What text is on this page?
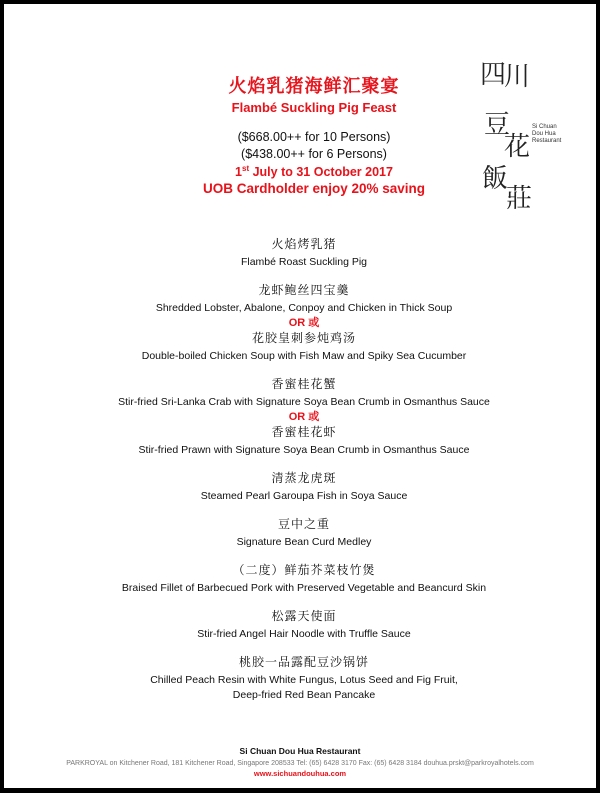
火焰乳猪海鲜汇聚宴

Flambé Suckling Pig Feast

($668.00++ for 10 Persons)

($438.00++ for 6 Persons)

1st July to 31 October 2017

UOB Cardholder enjoy 20% saving

四
川
豆
花
飯
莊
Si Chuan
Dou Hua
Restaurant

火焰烤乳猪

Flambé Roast Suckling Pig

龙虾鲍丝四宝羹

Shredded Lobster, Abalone, Conpoy and Chicken in Thick Soup

OR 或

花胶皇刺参炖鸡汤

Double-boiled Chicken Soup with Fish Maw and Spiky Sea Cucumber

香蜜桂花蟹

Stir-fried Sri-Lanka Crab with Signature Soya Bean Crumb in Osmanthus Sauce

OR 或

香蜜桂花虾

Stir-fried Prawn with Signature Soya Bean Crumb in Osmanthus Sauce

清蒸龙虎斑

Steamed Pearl Garoupa Fish in Soya Sauce

豆中之重

Signature Bean Curd Medley

（二度）鲜茄芥菜枝竹煲

Braised Fillet of Barbecued Pork with Preserved Vegetable and Beancurd Skin

松露天使面

Stir-fried Angel Hair Noodle with Truffle Sauce

桃胶一品露配豆沙锅饼

Chilled Peach Resin with White Fungus, Lotus Seed and Fig Fruit,

Deep-fried Red Bean Pancake

Si Chuan Dou Hua Restaurant

PARKROYAL on Kitchener Road, 181 Kitchener Road, Singapore 208533 Tel: (65) 6428 3170 Fax: (65) 6428 3184 douhua.prskt@parkroyalhotels.com

www.sichuandouhua.com
